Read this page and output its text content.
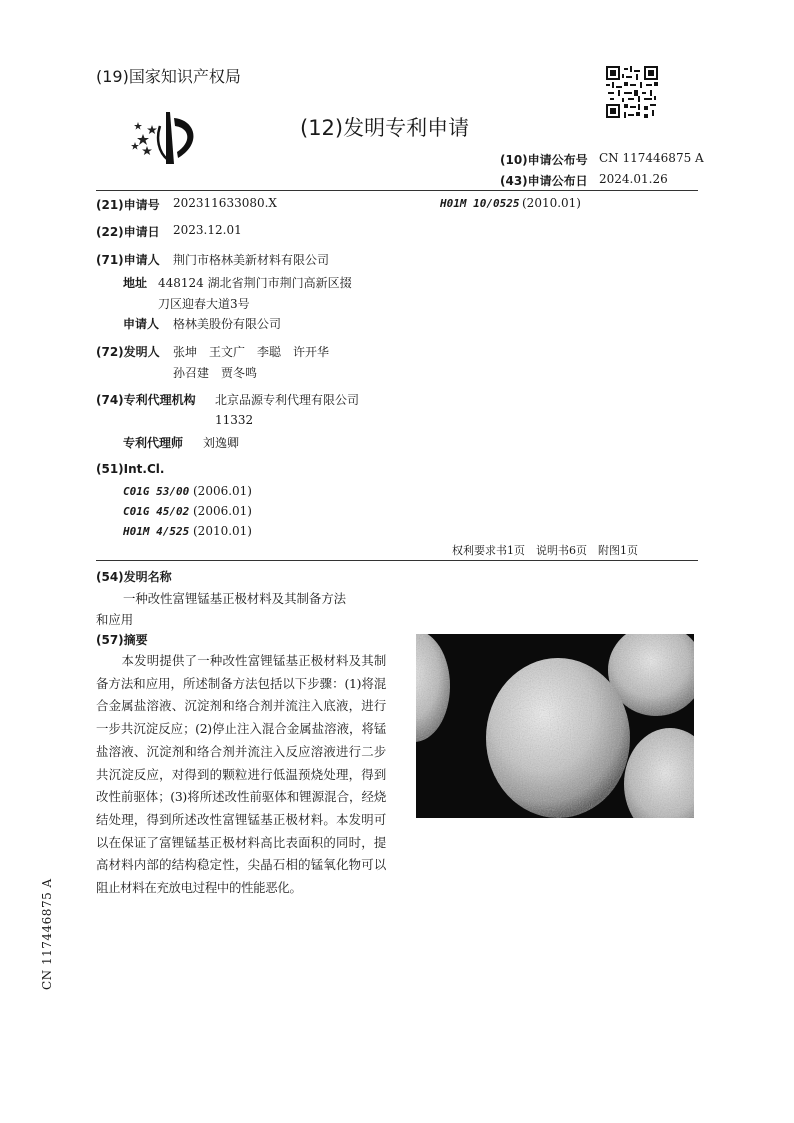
(19)国家知识产权局
(12)发明专利申请
(10)申请公布号 CN 117446875 A
(43)申请公布日 2024.01.26
(21)申请号 202311633080.X	H01M 10/0525 (2010.01)
(22)申请日 2023.12.01
(71)申请人 荆门市格林美新材料有限公司
地址 448124 湖北省荆门市荆门高新区掇
刀区迎春大道3号
申请人 格林美股份有限公司
(72)发明人 张坤　王文广　李聪　许开华
孙召建　贾冬鸣
(74)专利代理机构 北京品源专利代理有限公司
11332
专利代理师 刘逸卿
(51)Int.Cl.
C01G 53/00 (2006.01)
C01G 45/02 (2006.01)
H01M 4/525 (2010.01)
权利要求书1页　说明书6页　附图1页
(54)发明名称
一种改性富锂锰基正极材料及其制备方法
和应用
(57)摘要
本发明提供了一种改性富锂锰基正极材料及其制备方法和应用，所述制备方法包括以下步骤：(1)将混合金属盐溶液、沉淀剂和络合剂并流注入底液，进行一步共沉淀反应；(2)停止注入混合金属盐溶液，将锰盐溶液、沉淀剂和络合剂并流注入反应溶液进行二步共沉淀反应，对得到的颗粒进行低温预烧处理，得到改性前驱体；(3)将所述改性前驱体和锂源混合，经烧结处理，得到所述改性富锂锰基正极材料。本发明可以在保证了富锂锰基正极材料高比表面积的同时，提高材料内部的结构稳定性，尖晶石相的锰氧化物可以阻止材料在充放电过程中的性能恶化。
CN 117446875 A
